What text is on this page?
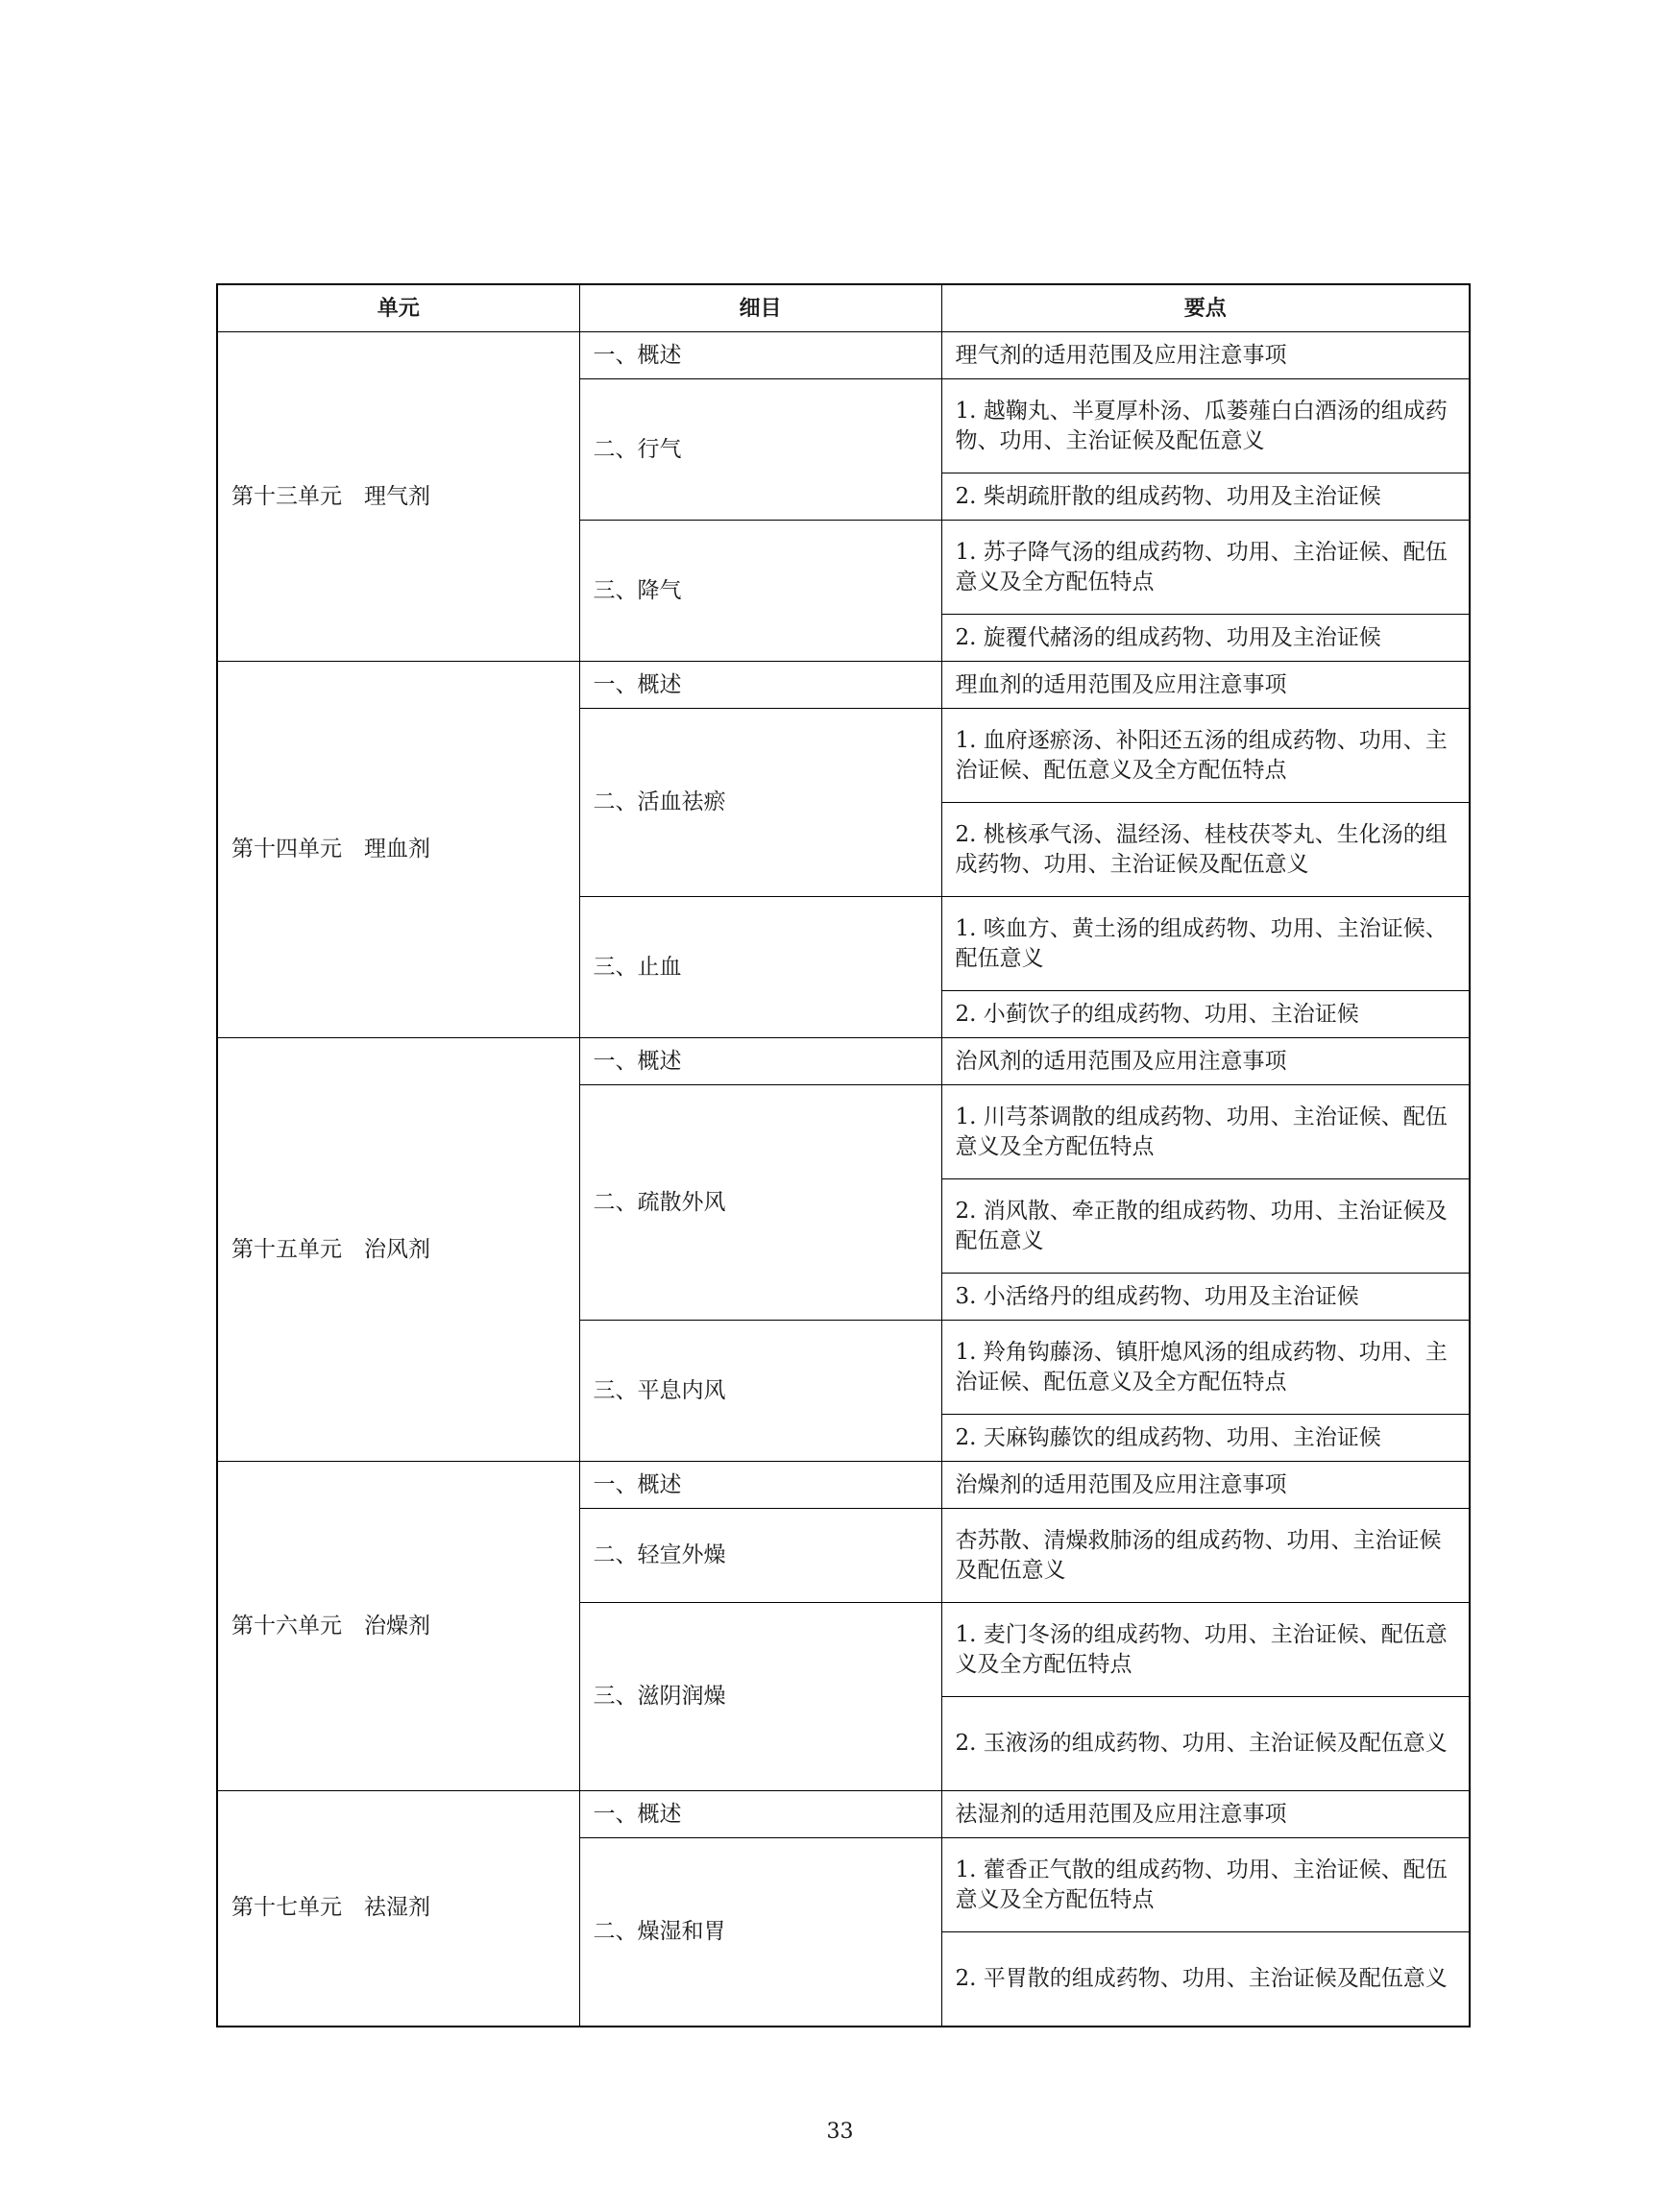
单元	细目	要点
第十三单元　理气剂	一、概述	理气剂的适用范围及应用注意事项
	二、行气	1. 越鞠丸、半夏厚朴汤、瓜蒌薤白白酒汤的组成药物、功用、主治证候及配伍意义
		2. 柴胡疏肝散的组成药物、功用及主治证候
	三、降气	1. 苏子降气汤的组成药物、功用、主治证候、配伍意义及全方配伍特点
		2. 旋覆代赭汤的组成药物、功用及主治证候
第十四单元　理血剂	一、概述	理血剂的适用范围及应用注意事项
	二、活血祛瘀	1. 血府逐瘀汤、补阳还五汤的组成药物、功用、主治证候、配伍意义及全方配伍特点
		2. 桃核承气汤、温经汤、桂枝茯苓丸、生化汤的组成药物、功用、主治证候及配伍意义
	三、止血	1. 咳血方、黄土汤的组成药物、功用、主治证候、配伍意义
		2. 小蓟饮子的组成药物、功用、主治证候
第十五单元　治风剂	一、概述	治风剂的适用范围及应用注意事项
	二、疏散外风	1. 川芎茶调散的组成药物、功用、主治证候、配伍意义及全方配伍特点
		2. 消风散、牵正散的组成药物、功用、主治证候及配伍意义
		3. 小活络丹的组成药物、功用及主治证候
	三、平息内风	1. 羚角钩藤汤、镇肝熄风汤的组成药物、功用、主治证候、配伍意义及全方配伍特点
		2. 天麻钩藤饮的组成药物、功用、主治证候
第十六单元　治燥剂	一、概述	治燥剂的适用范围及应用注意事项
	二、轻宣外燥	杏苏散、清燥救肺汤的组成药物、功用、主治证候及配伍意义
	三、滋阴润燥	1. 麦门冬汤的组成药物、功用、主治证候、配伍意义及全方配伍特点
		2. 玉液汤的组成药物、功用、主治证候及配伍意义
第十七单元　祛湿剂	一、概述	祛湿剂的适用范围及应用注意事项
	二、燥湿和胃	1. 藿香正气散的组成药物、功用、主治证候、配伍意义及全方配伍特点
		2. 平胃散的组成药物、功用、主治证候及配伍意义
33
